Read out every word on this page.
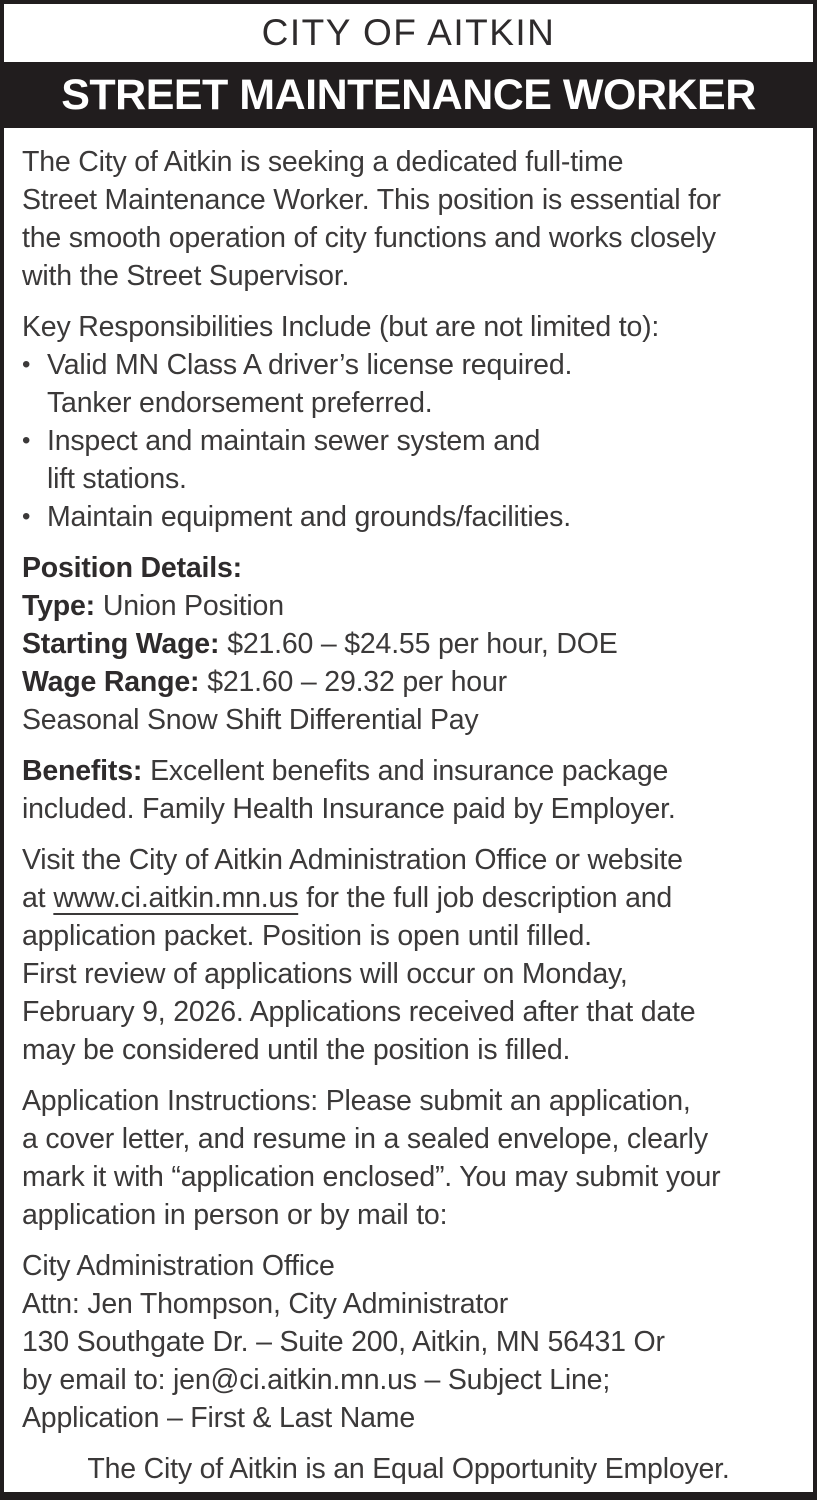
CITY OF AITKIN
STREET MAINTENANCE WORKER
The City of Aitkin is seeking a dedicated full-time
Street Maintenance Worker. This position is essential for
the smooth operation of city functions and works closely
with the Street Supervisor.
Key Responsibilities Include (but are not limited to):
• Valid MN Class A driver’s license required.
Tanker endorsement preferred.
• Inspect and maintain sewer system and
lift stations.
• Maintain equipment and grounds/facilities.
Position Details:
Type: Union Position
Starting Wage: $21.60 – $24.55 per hour, DOE
Wage Range: $21.60 – 29.32 per hour
Seasonal Snow Shift Differential Pay
Benefits: Excellent benefits and insurance package
included. Family Health Insurance paid by Employer.
Visit the City of Aitkin Administration Office or website
at www.ci.aitkin.mn.us for the full job description and
application packet. Position is open until filled.
First review of applications will occur on Monday,
February 9, 2026. Applications received after that date
may be considered until the position is filled.
Application Instructions: Please submit an application,
a cover letter, and resume in a sealed envelope, clearly
mark it with “application enclosed”. You may submit your
application in person or by mail to:
City Administration Office
Attn: Jen Thompson, City Administrator
130 Southgate Dr. – Suite 200, Aitkin, MN 56431 Or
by email to: jen@ci.aitkin.mn.us – Subject Line;
Application – First & Last Name
The City of Aitkin is an Equal Opportunity Employer.
